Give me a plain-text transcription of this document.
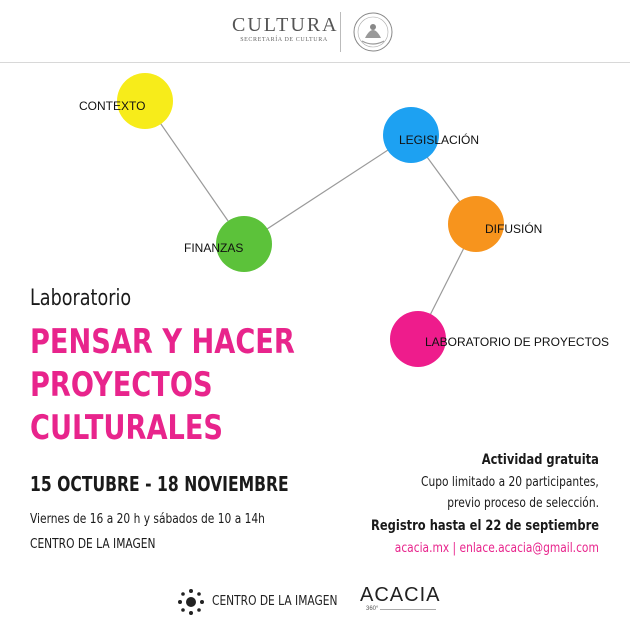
CULTURA
SECRETARÍA DE CULTURA
CONTEXTO
FINANZAS
LEGISLACIÓN
DIFUSIÓN
LABORATORIO DE PROYECTOS
Laboratorio
PENSAR Y HACER
PROYECTOS
CULTURALES
15 OCTUBRE - 18 NOVIEMBRE
Viernes de 16 a 20 h y sábados de 10 a 14h
CENTRO DE LA IMAGEN
Actividad gratuita
Cupo limitado a 20 participantes,
previo proceso de selección.
Registro hasta el 22 de septiembre
acacia.mx | enlace.acacia@gmail.com
CENTRO DE LA IMAGEN ACACIA
360°
